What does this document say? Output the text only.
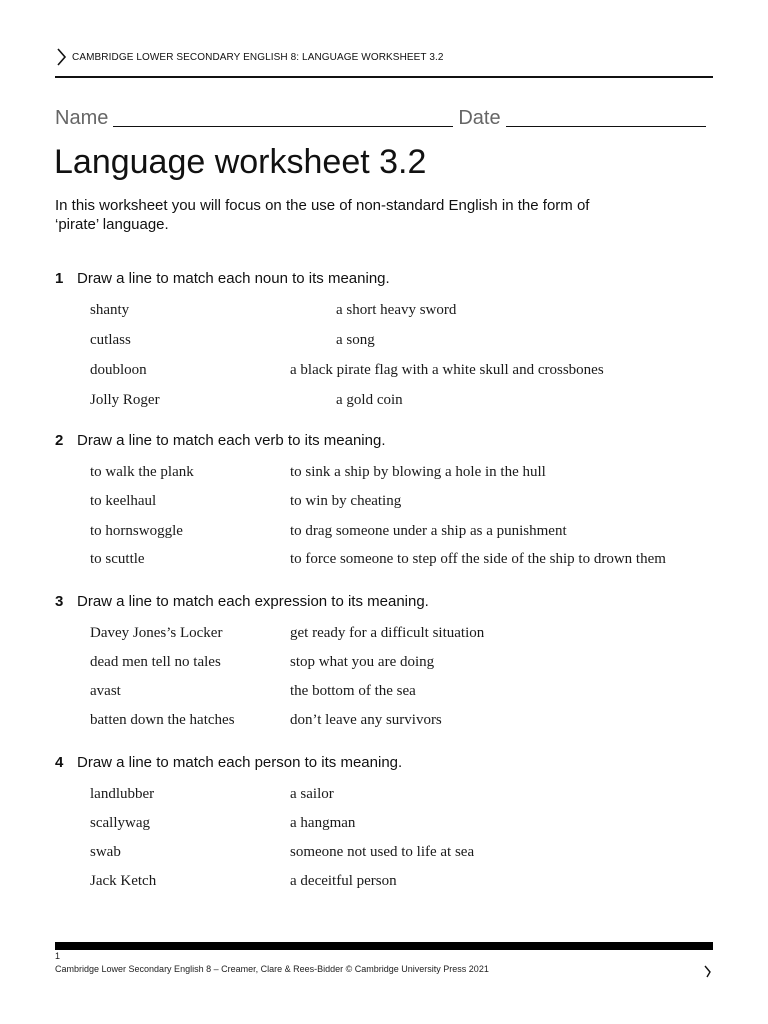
CAMBRIDGE LOWER SECONDARY ENGLISH 8: LANGUAGE WORKSHEET 3.2
Name	Date
Language worksheet 3.2
In this worksheet you will focus on the use of non-standard English in the form of
‘pirate’ language.
1 Draw a line to match each noun to its meaning.
shanty	a short heavy sword
cutlass	a song
doubloon	a black pirate flag with a white skull and crossbones
Jolly Roger	a gold coin
2 Draw a line to match each verb to its meaning.
to walk the plank	to sink a ship by blowing a hole in the hull
to keelhaul	to win by cheating
to hornswoggle	to drag someone under a ship as a punishment
to scuttle	to force someone to step off the side of the ship to drown them
3 Draw a line to match each expression to its meaning.
Davey Jones’s Locker	get ready for a difficult situation
dead men tell no tales	stop what you are doing
avast	the bottom of the sea
batten down the hatches	don’t leave any survivors
4 Draw a line to match each person to its meaning.
landlubber	a sailor
scallywag	a hangman
swab	someone not used to life at sea
Jack Ketch	a deceitful person
1
Cambridge Lower Secondary English 8 – Creamer, Clare & Rees-Bidder © Cambridge University Press 2021
